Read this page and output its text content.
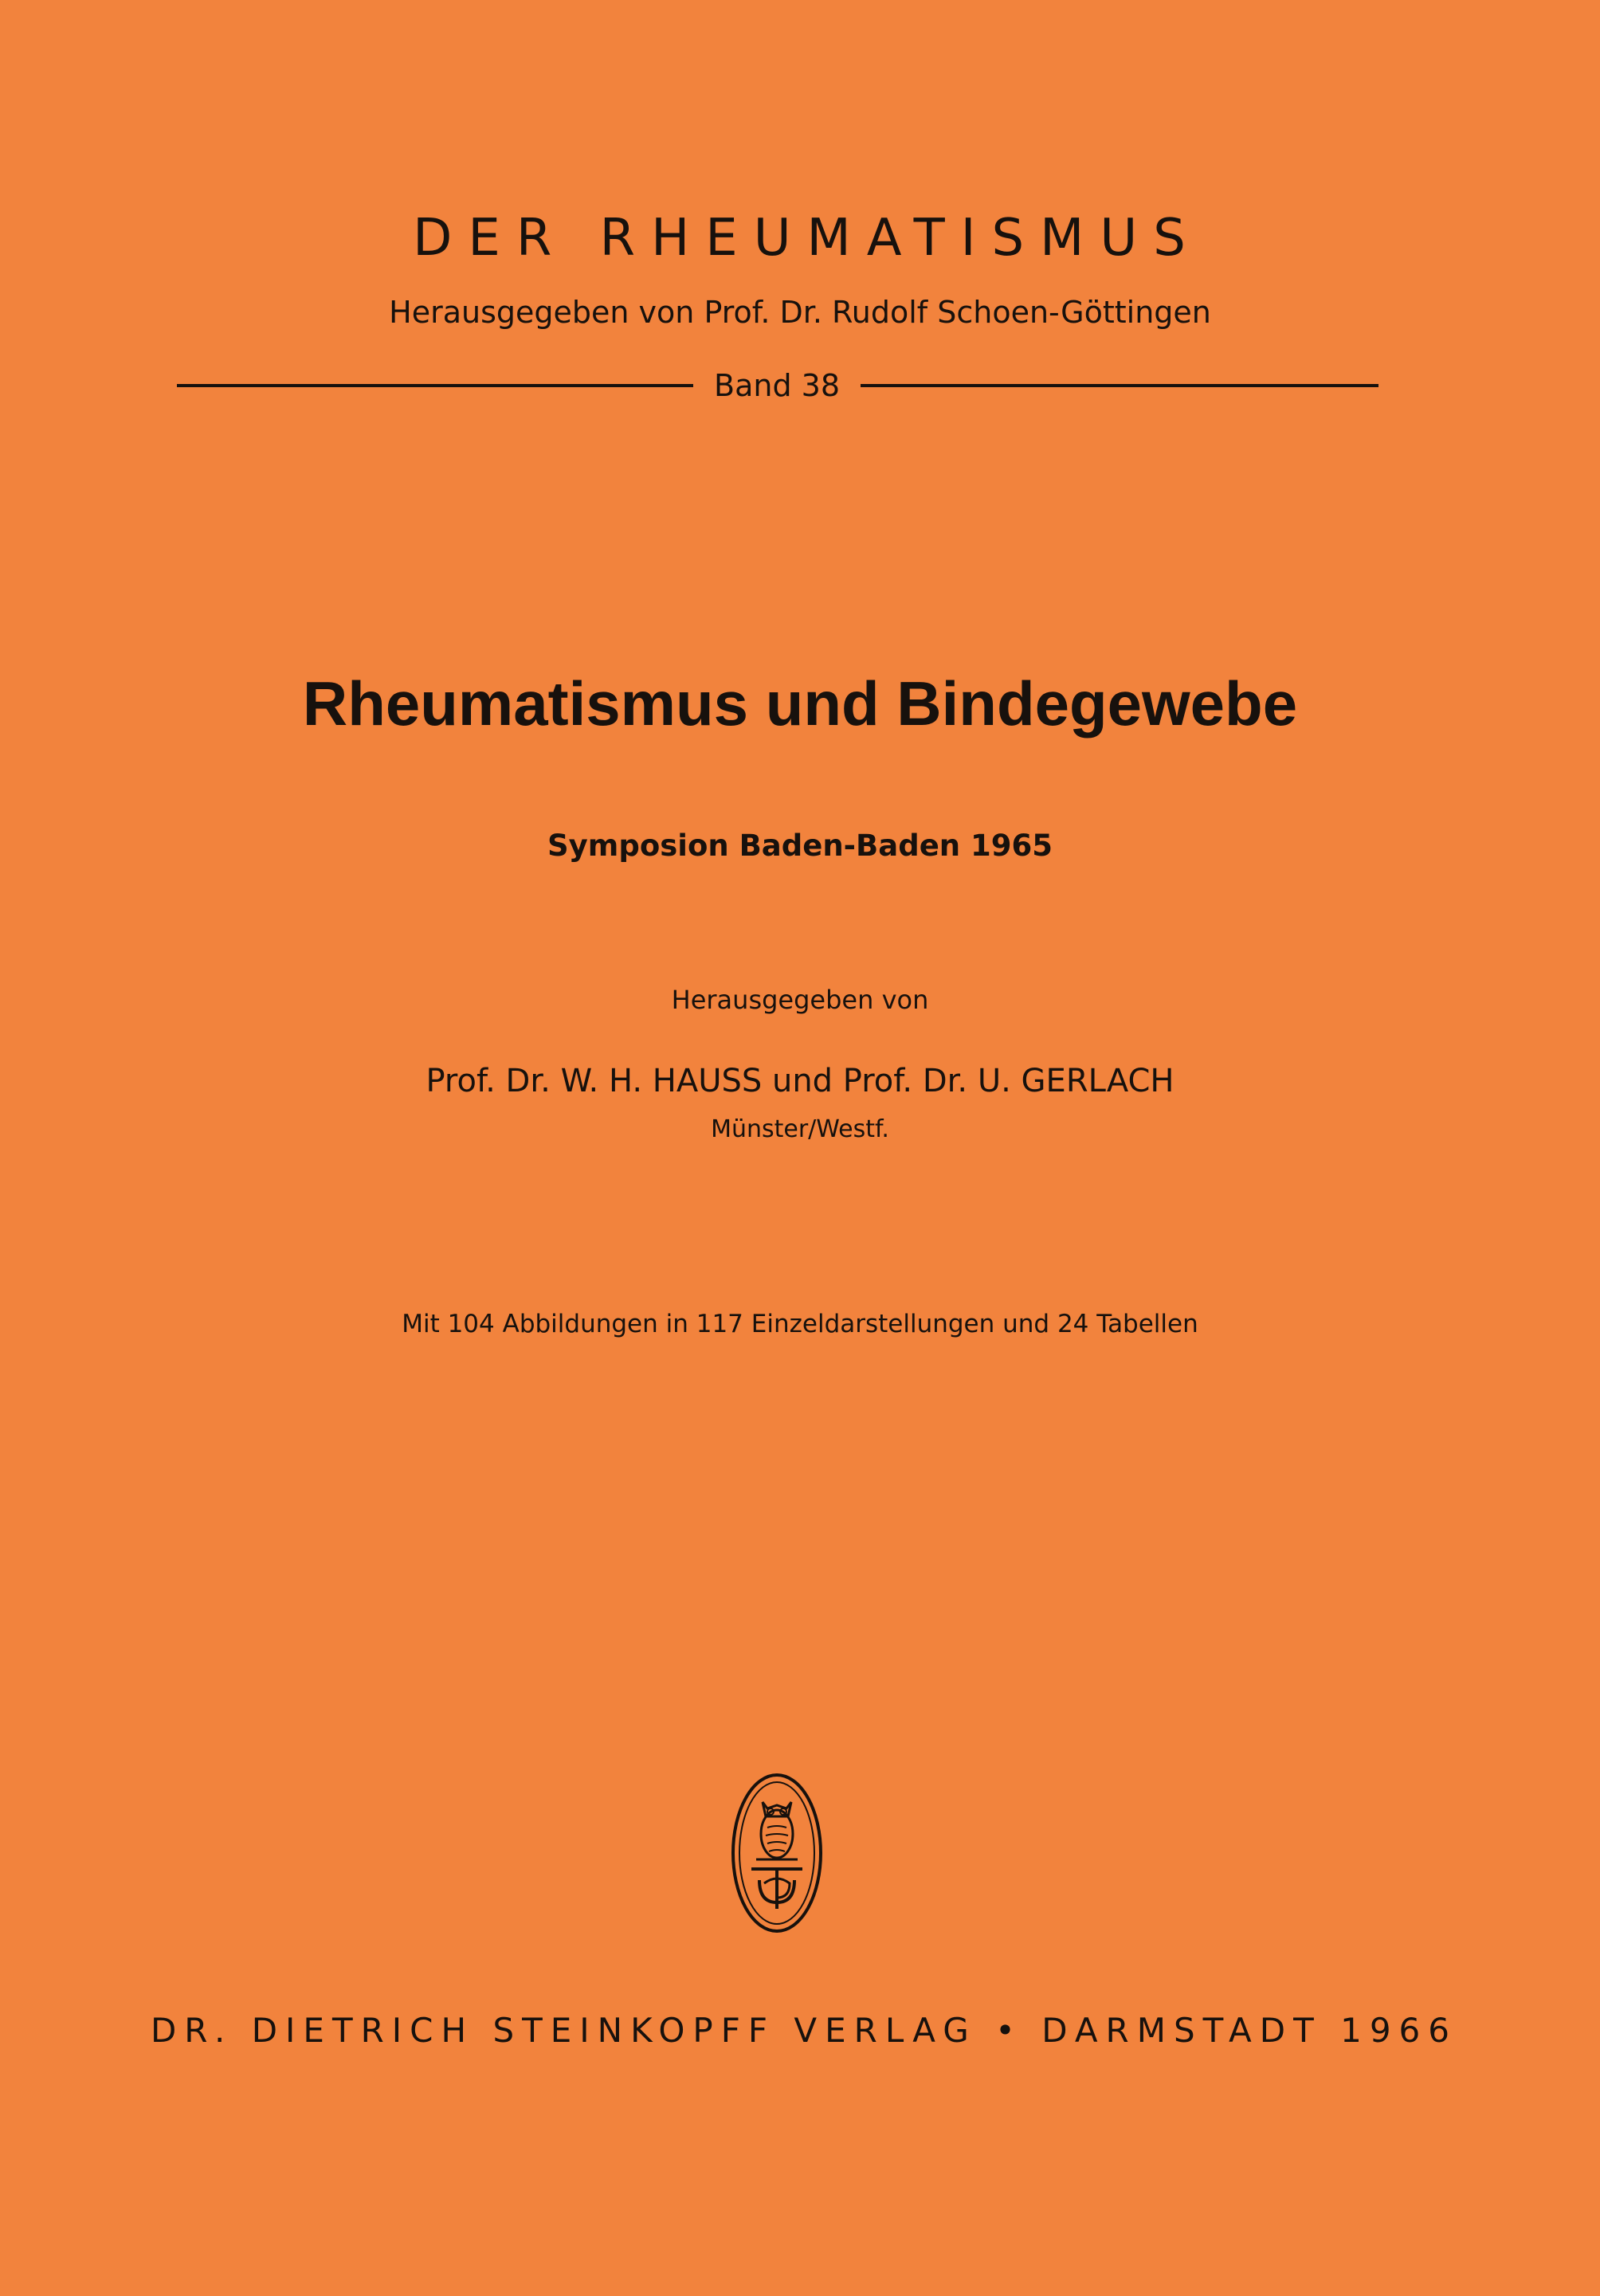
DER RHEUMATISMUS
Herausgegeben von Prof. Dr. Rudolf Schoen-Göttingen
Band 38
Rheumatismus und Bindegewebe
Symposion Baden-Baden 1965
Herausgegeben von
Prof. Dr. W. H. HAUSS und Prof. Dr. U. GERLACH
Münster/Westf.
Mit 104 Abbildungen in 117 Einzeldarstellungen und 24 Tabellen
DR. DIETRICH STEINKOPFF VERLAG • DARMSTADT 1966
